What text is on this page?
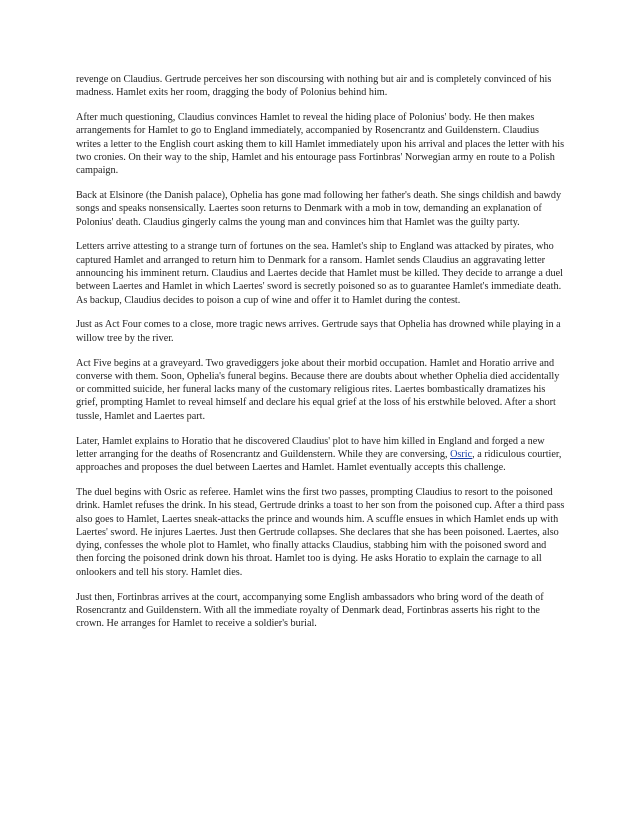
revenge on Claudius. Gertrude perceives her son discoursing with nothing but air and is completely convinced of his madness. Hamlet exits her room, dragging the body of Polonius behind him.

After much questioning, Claudius convinces Hamlet to reveal the hiding place of Polonius' body. He then makes arrangements for Hamlet to go to England immediately, accompanied by Rosencrantz and Guildenstern. Claudius writes a letter to the English court asking them to kill Hamlet immediately upon his arrival and places the letter with his two cronies. On their way to the ship, Hamlet and his entourage pass Fortinbras' Norwegian army en route to a Polish campaign.

Back at Elsinore (the Danish palace), Ophelia has gone mad following her father's death. She sings childish and bawdy songs and speaks nonsensically. Laertes soon returns to Denmark with a mob in tow, demanding an explanation of Polonius' death. Claudius gingerly calms the young man and convinces him that Hamlet was the guilty party.

Letters arrive attesting to a strange turn of fortunes on the sea. Hamlet's ship to England was attacked by pirates, who captured Hamlet and arranged to return him to Denmark for a ransom. Hamlet sends Claudius an aggravating letter announcing his imminent return. Claudius and Laertes decide that Hamlet must be killed. They decide to arrange a duel between Laertes and Hamlet in which Laertes' sword is secretly poisoned so as to guarantee Hamlet's immediate death. As backup, Claudius decides to poison a cup of wine and offer it to Hamlet during the contest.

Just as Act Four comes to a close, more tragic news arrives. Gertrude says that Ophelia has drowned while playing in a willow tree by the river.

Act Five begins at a graveyard. Two gravediggers joke about their morbid occupation. Hamlet and Horatio arrive and converse with them. Soon, Ophelia's funeral begins. Because there are doubts about whether Ophelia died accidentally or committed suicide, her funeral lacks many of the customary religious rites. Laertes bombastically dramatizes his grief, prompting Hamlet to reveal himself and declare his equal grief at the loss of his erstwhile beloved. After a short tussle, Hamlet and Laertes part.

Later, Hamlet explains to Horatio that he discovered Claudius' plot to have him killed in England and forged a new letter arranging for the deaths of Rosencrantz and Guildenstern. While they are conversing, Osric, a ridiculous courtier, approaches and proposes the duel between Laertes and Hamlet. Hamlet eventually accepts this challenge.

The duel begins with Osric as referee. Hamlet wins the first two passes, prompting Claudius to resort to the poisoned drink. Hamlet refuses the drink. In his stead, Gertrude drinks a toast to her son from the poisoned cup. After a third pass also goes to Hamlet, Laertes sneak-attacks the prince and wounds him. A scuffle ensues in which Hamlet ends up with Laertes' sword. He injures Laertes. Just then Gertrude collapses. She declares that she has been poisoned. Laertes, also dying, confesses the whole plot to Hamlet, who finally attacks Claudius, stabbing him with the poisoned sword and then forcing the poisoned drink down his throat. Hamlet too is dying. He asks Horatio to explain the carnage to all onlookers and tell his story. Hamlet dies.

Just then, Fortinbras arrives at the court, accompanying some English ambassadors who bring word of the death of Rosencrantz and Guildenstern. With all the immediate royalty of Denmark dead, Fortinbras asserts his right to the crown. He arranges for Hamlet to receive a soldier's burial.
